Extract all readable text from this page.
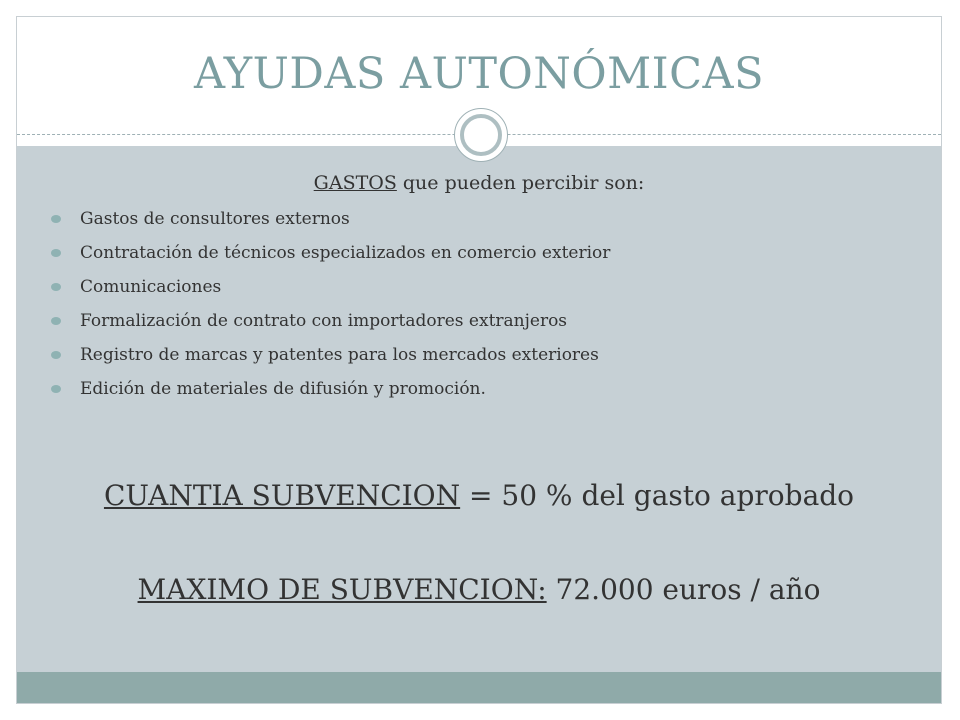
AYUDAS AUTONÓMICAS
GASTOS que pueden percibir son:
Gastos de consultores externos
Contratación de técnicos especializados en comercio exterior
Comunicaciones
Formalización de contrato con importadores extranjeros
Registro de marcas y patentes para los mercados exteriores
Edición de materiales de difusión y promoción.
CUANTIA SUBVENCION = 50 % del gasto aprobado
MAXIMO DE SUBVENCION: 72.000 euros / año
